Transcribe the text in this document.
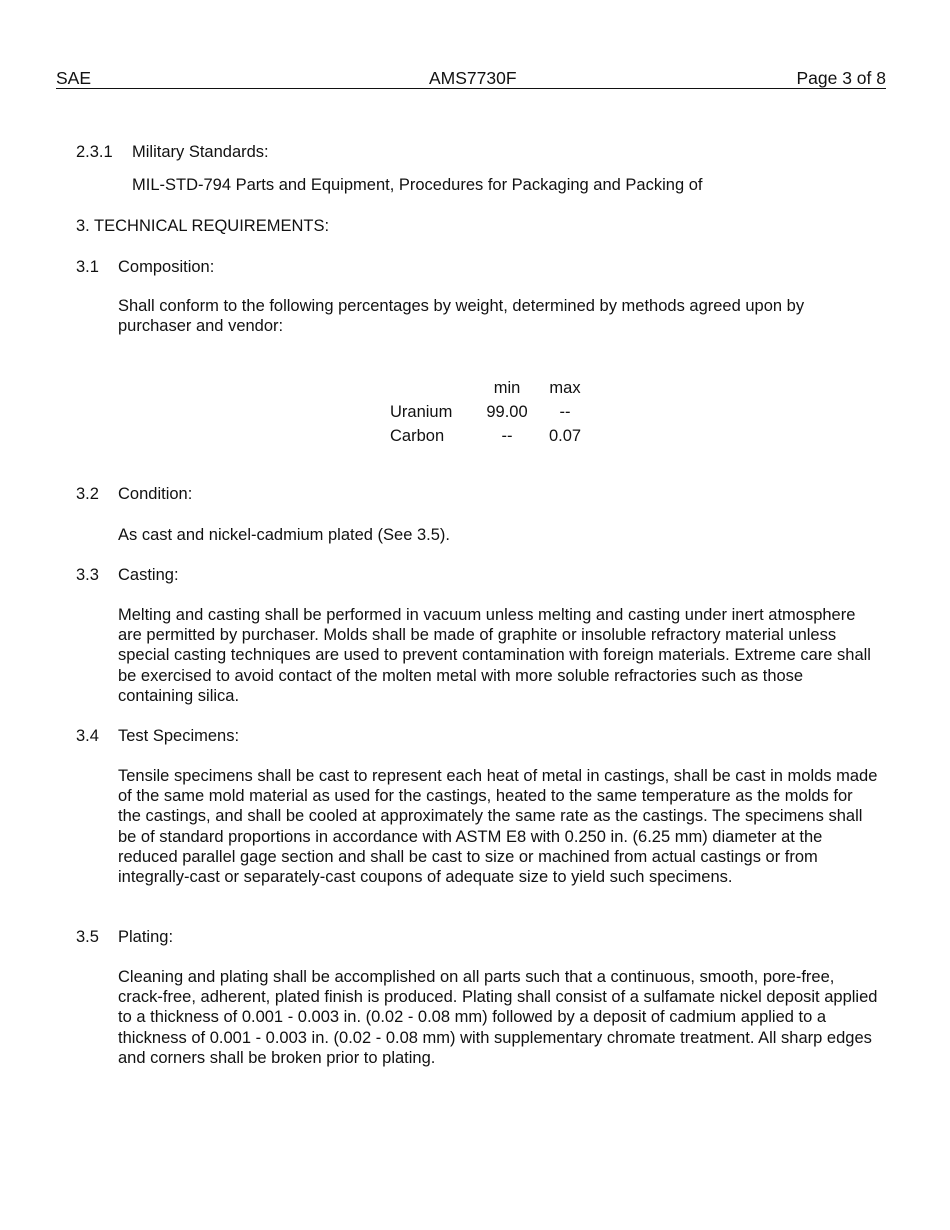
SAE	AMS7730F	Page 3 of 8
2.3.1 Military Standards:
MIL-STD-794 Parts and Equipment, Procedures for Packaging and Packing of
3. TECHNICAL REQUIREMENTS:
3.1 Composition:
Shall conform to the following percentages by weight, determined by methods agreed upon by purchaser and vendor:
	min	max
Uranium	99.00	--
Carbon	--	0.07
3.2 Condition:
As cast and nickel-cadmium plated (See 3.5).
3.3 Casting:
Melting and casting shall be performed in vacuum unless melting and casting under inert atmosphere are permitted by purchaser. Molds shall be made of graphite or insoluble refractory material unless special casting techniques are used to prevent contamination with foreign materials. Extreme care shall be exercised to avoid contact of the molten metal with more soluble refractories such as those containing silica.
3.4 Test Specimens:
Tensile specimens shall be cast to represent each heat of metal in castings, shall be cast in molds made of the same mold material as used for the castings, heated to the same temperature as the molds for the castings, and shall be cooled at approximately the same rate as the castings. The specimens shall be of standard proportions in accordance with ASTM E8 with 0.250 in. (6.25 mm) diameter at the reduced parallel gage section and shall be cast to size or machined from actual castings or from integrally-cast or separately-cast coupons of adequate size to yield such specimens.
3.5 Plating:
Cleaning and plating shall be accomplished on all parts such that a continuous, smooth, pore-free, crack-free, adherent, plated finish is produced. Plating shall consist of a sulfamate nickel deposit applied to a thickness of 0.001 - 0.003 in. (0.02 - 0.08 mm) followed by a deposit of cadmium applied to a thickness of 0.001 - 0.003 in. (0.02 - 0.08 mm) with supplementary chromate treatment. All sharp edges and corners shall be broken prior to plating.
